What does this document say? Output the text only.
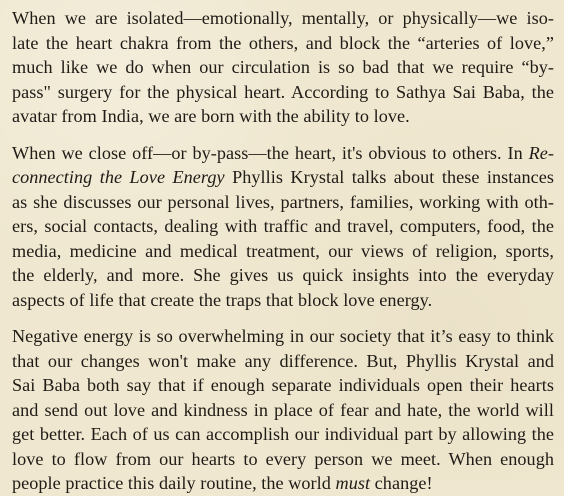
When we are isolated—emotionally, mentally, or physically—we iso-
late the heart chakra from the others, and block the “arteries of love,”
much like we do when our circulation is so bad that we require “by-
pass" surgery for the physical heart. According to Sathya Sai Baba, the
avatar from India, we are born with the ability to love.
When we close off—or by-pass—the heart, it's obvious to others. In Re-
connecting the Love Energy Phyllis Krystal talks about these instances
as she discusses our personal lives, partners, families, working with oth-
ers, social contacts, dealing with traffic and travel, computers, food, the
media, medicine and medical treatment, our views of religion, sports,
the elderly, and more. She gives us quick insights into the everyday
aspects of life that create the traps that block love energy.
Negative energy is so overwhelming in our society that it’s easy to think
that our changes won't make any difference. But, Phyllis Krystal and
Sai Baba both say that if enough separate individuals open their hearts
and send out love and kindness in place of fear and hate, the world will
get better. Each of us can accomplish our individual part by allowing the
love to flow from our hearts to every person we meet. When enough
people practice this daily routine, the world must change!
